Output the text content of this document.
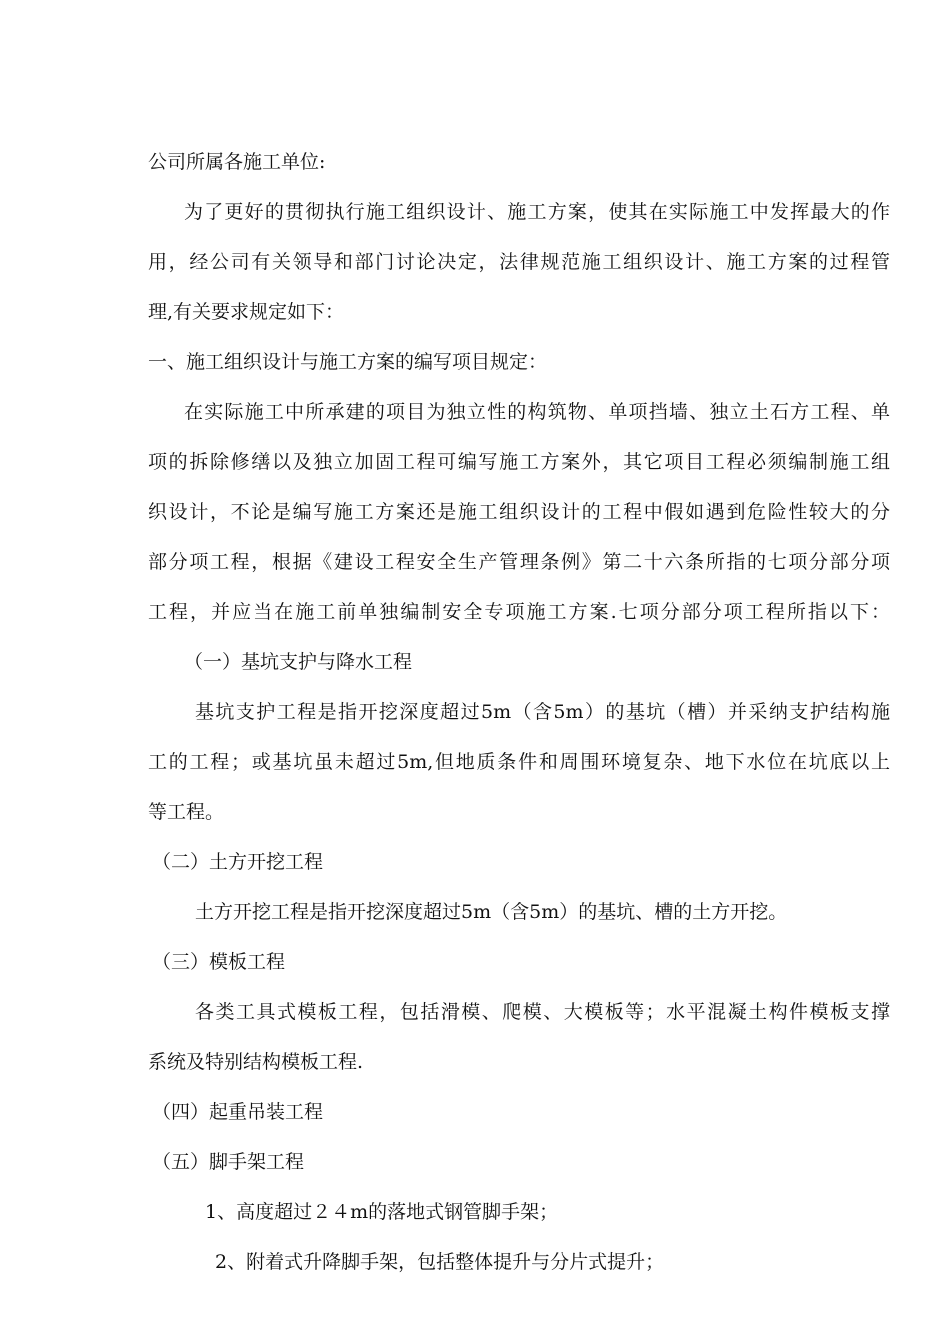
公司所属各施工单位:
为了更好的贯彻执行施工组织设计、施工方案，使其在实际施工中发挥最大的作
用，经公司有关领导和部门讨论决定，法律规范施工组织设计、施工方案的过程管
理,有关要求规定如下：
一、施工组织设计与施工方案的编写项目规定：
在实际施工中所承建的项目为独立性的构筑物、单项挡墙、独立土石方工程、单
项的拆除修缮以及独立加固工程可编写施工方案外，其它项目工程必须编制施工组
织设计，不论是编写施工方案还是施工组织设计的工程中假如遇到危险性较大的分
部分项工程，根据《建设工程安全生产管理条例》第二十六条所指的七项分部分项
工程，并应当在施工前单独编制安全专项施工方案.七项分部分项工程所指以下：
（一）基坑支护与降水工程
基坑支护工程是指开挖深度超过5m（含5m）的基坑（槽）并采纳支护结构施
工的工程；或基坑虽未超过5m,但地质条件和周围环境复杂、地下水位在坑底以上
等工程。
（二）土方开挖工程
土方开挖工程是指开挖深度超过5m（含5m）的基坑、槽的土方开挖。
（三）模板工程
各类工具式模板工程，包括滑模、爬模、大模板等；水平混凝土构件模板支撑
系统及特别结构模板工程.
（四）起重吊装工程
（五）脚手架工程
1、高度超过２４m的落地式钢管脚手架；
2、附着式升降脚手架，包括整体提升与分片式提升；
